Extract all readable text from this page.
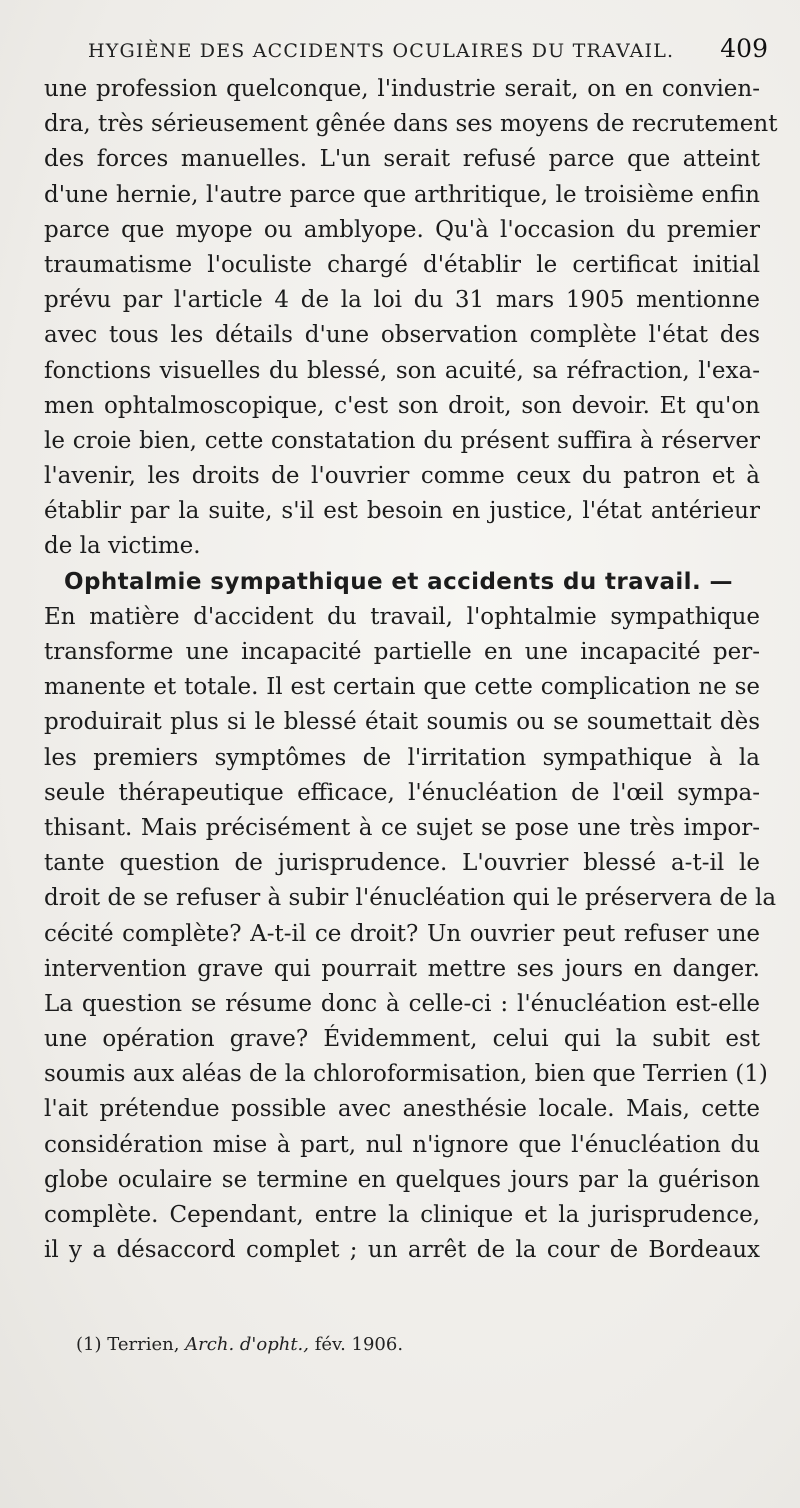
HYGIÈNE DES ACCIDENTS OCULAIRES DU TRAVAIL. 409
une profession quelconque, l'industrie serait, on en convien-
dra, très sérieusement gênée dans ses moyens de recrutement
des forces manuelles. L'un serait refusé parce que atteint
d'une hernie, l'autre parce que arthritique, le troisième enfin
parce que myope ou amblyope. Qu'à l'occasion du premier
traumatisme l'oculiste chargé d'établir le certificat initial
prévu par l'article 4 de la loi du 31 mars 1905 mentionne
avec tous les détails d'une observation complète l'état des
fonctions visuelles du blessé, son acuité, sa réfraction, l'exa-
men ophtalmoscopique, c'est son droit, son devoir. Et qu'on
le croie bien, cette constatation du présent suffira à réserver
l'avenir, les droits de l'ouvrier comme ceux du patron et à
établir par la suite, s'il est besoin en justice, l'état antérieur
de la victime.
Ophtalmie sympathique et accidents du travail. —
En matière d'accident du travail, l'ophtalmie sympathique
transforme une incapacité partielle en une incapacité per-
manente et totale. Il est certain que cette complication ne se
produirait plus si le blessé était soumis ou se soumettait dès
les premiers symptômes de l'irritation sympathique à la
seule thérapeutique efficace, l'énucléation de l'œil sympa-
thisant. Mais précisément à ce sujet se pose une très impor-
tante question de jurisprudence. L'ouvrier blessé a-t-il le
droit de se refuser à subir l'énucléation qui le préservera de la
cécité complète? A-t-il ce droit? Un ouvrier peut refuser une
intervention grave qui pourrait mettre ses jours en danger.
La question se résume donc à celle-ci : l'énucléation est-elle
une opération grave? Évidemment, celui qui la subit est
soumis aux aléas de la chloroformisation, bien que Terrien (1)
l'ait prétendue possible avec anesthésie locale. Mais, cette
considération mise à part, nul n'ignore que l'énucléation du
globe oculaire se termine en quelques jours par la guérison
complète. Cependant, entre la clinique et la jurisprudence,
il y a désaccord complet ; un arrêt de la cour de Bordeaux
(1) Terrien, Arch. d'opht., fév. 1906.
